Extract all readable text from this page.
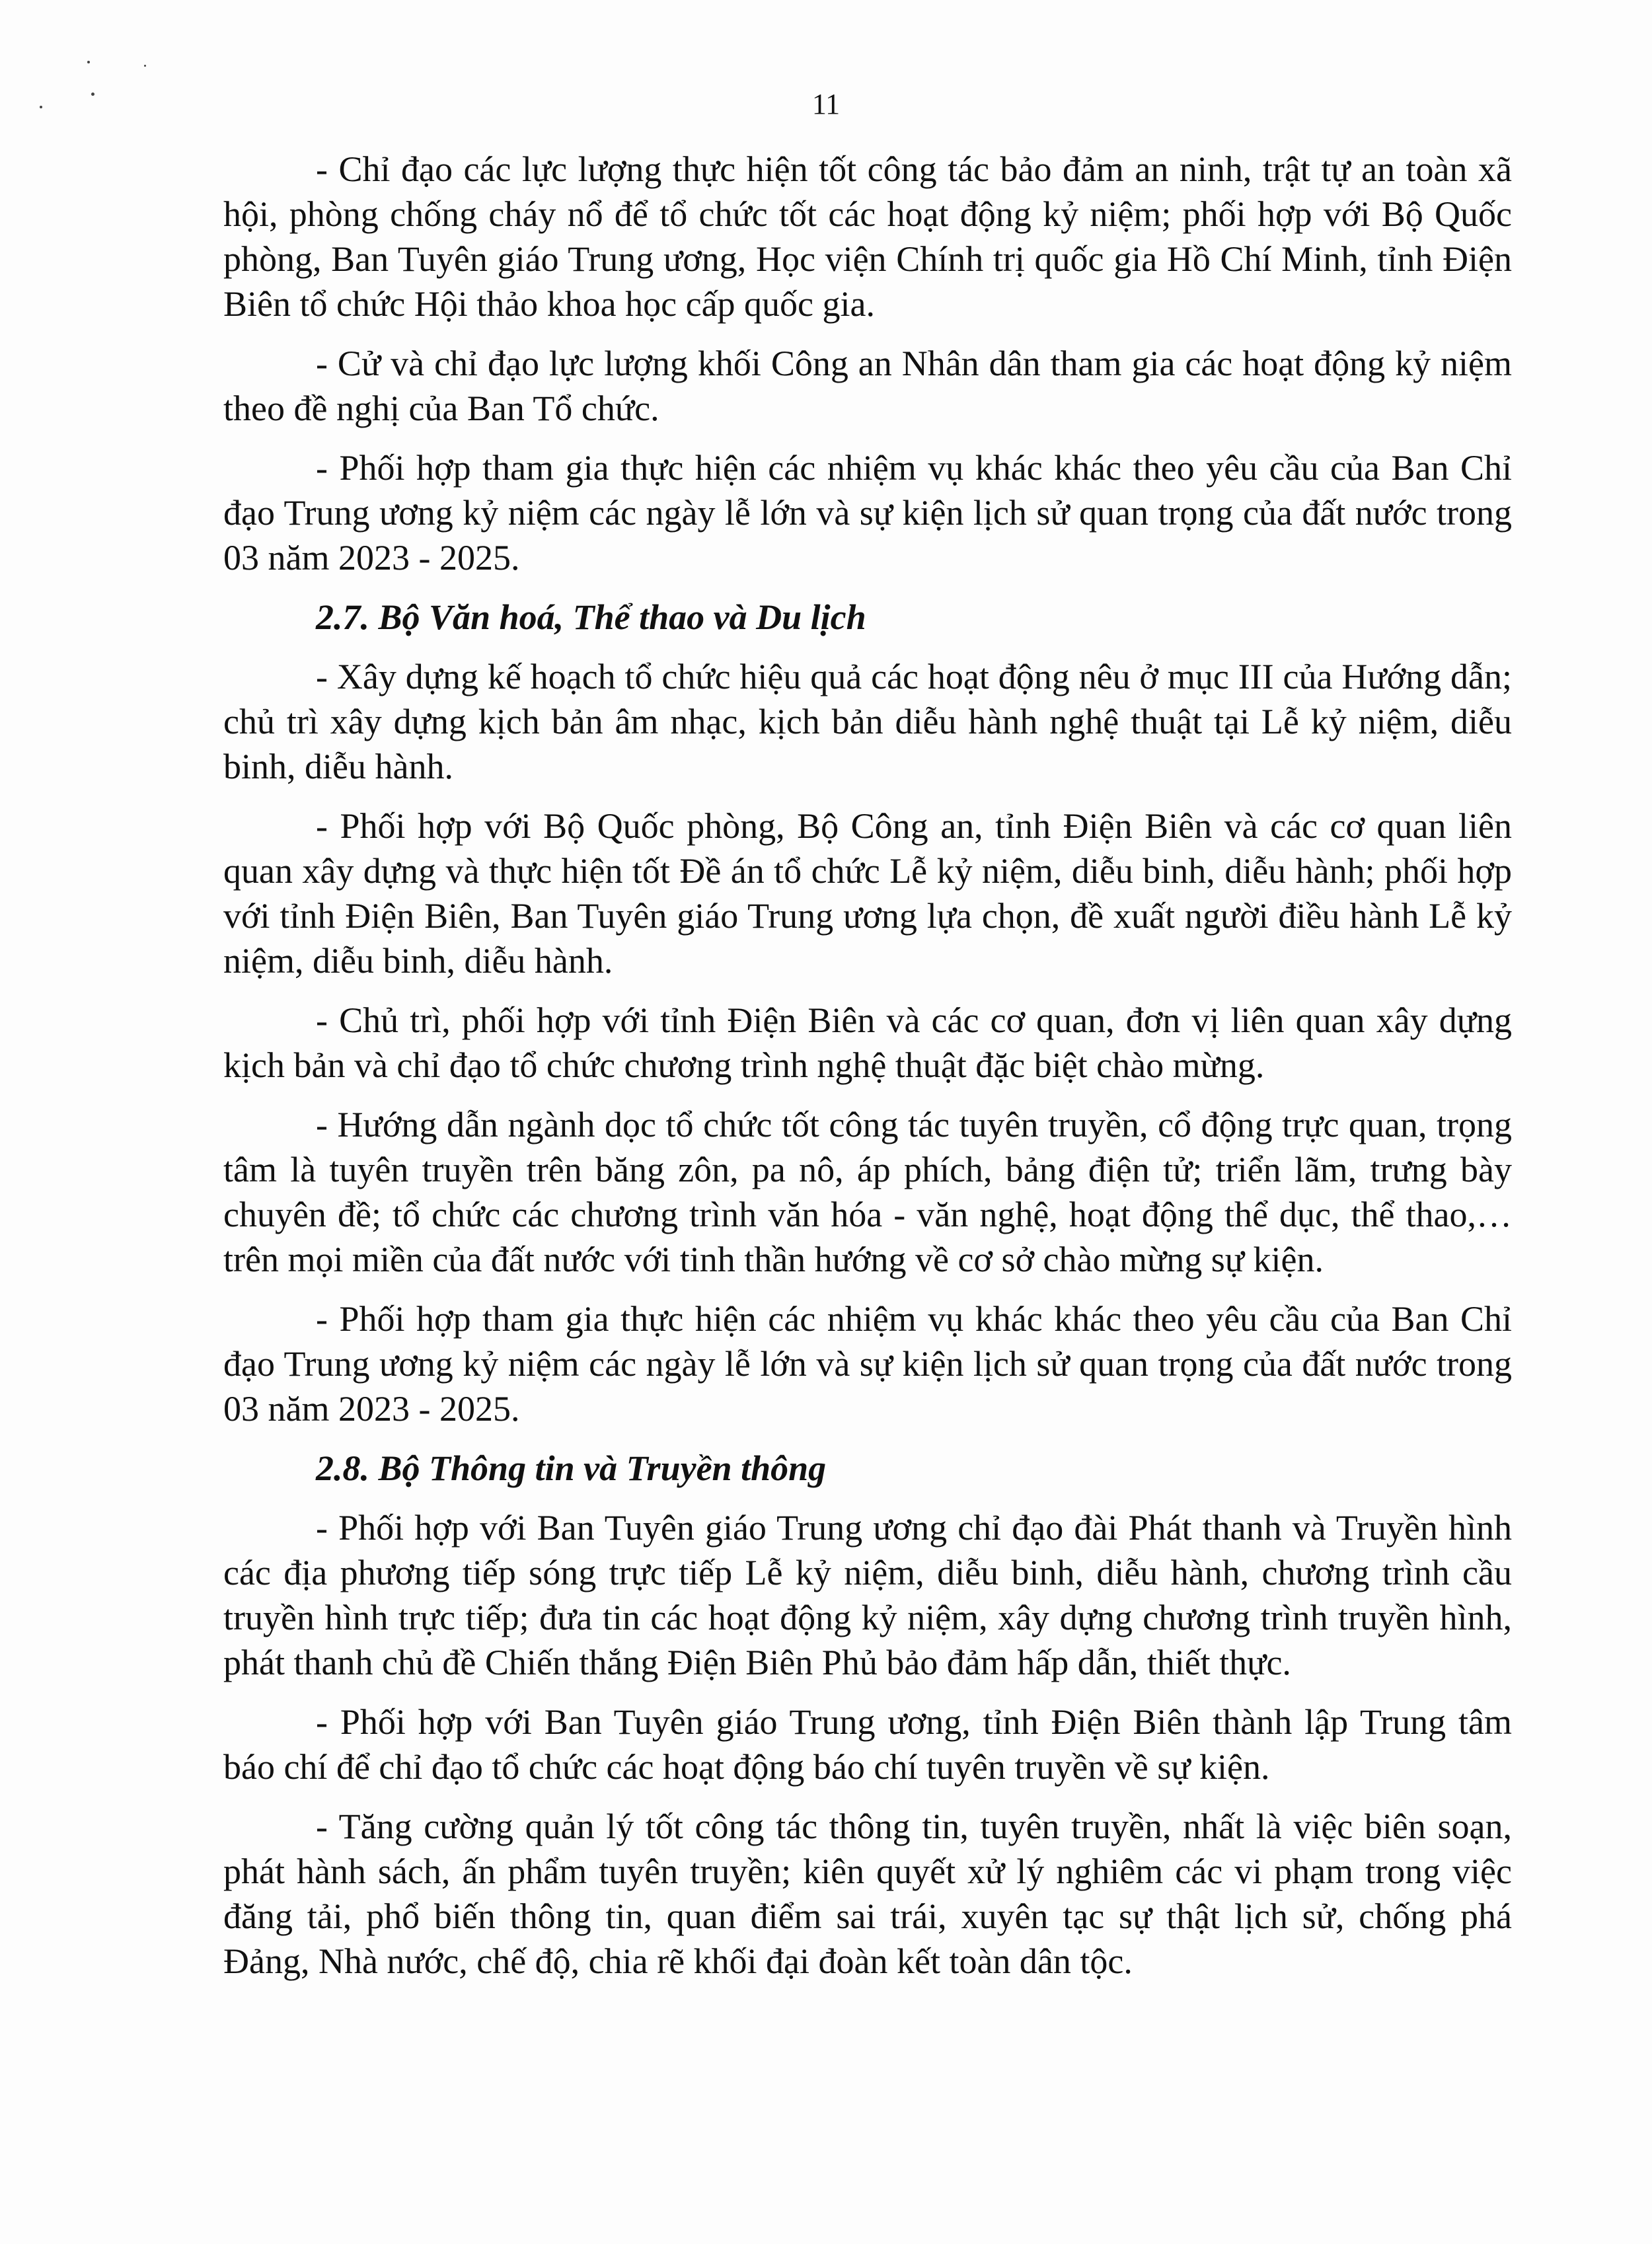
11

- Chỉ đạo các lực lượng thực hiện tốt công tác bảo đảm an ninh, trật tự an toàn xã hội, phòng chống cháy nổ để tổ chức tốt các hoạt động kỷ niệm; phối hợp với Bộ Quốc phòng, Ban Tuyên giáo Trung ương, Học viện Chính trị quốc gia Hồ Chí Minh, tỉnh Điện Biên tổ chức Hội thảo khoa học cấp quốc gia.

- Cử và chỉ đạo lực lượng khối Công an Nhân dân tham gia các hoạt động kỷ niệm theo đề nghị của Ban Tổ chức.

- Phối hợp tham gia thực hiện các nhiệm vụ khác khác theo yêu cầu của Ban Chỉ đạo Trung ương kỷ niệm các ngày lễ lớn và sự kiện lịch sử quan trọng của đất nước trong 03 năm 2023 - 2025.

2.7. Bộ Văn hoá, Thể thao và Du lịch

- Xây dựng kế hoạch tổ chức hiệu quả các hoạt động nêu ở mục III của Hướng dẫn; chủ trì xây dựng kịch bản âm nhạc, kịch bản diễu hành nghệ thuật tại Lễ kỷ niệm, diễu binh, diễu hành.

- Phối hợp với Bộ Quốc phòng, Bộ Công an, tỉnh Điện Biên và các cơ quan liên quan xây dựng và thực hiện tốt Đề án tổ chức Lễ kỷ niệm, diễu binh, diễu hành; phối hợp với tỉnh Điện Biên, Ban Tuyên giáo Trung ương lựa chọn, đề xuất người điều hành Lễ kỷ niệm, diễu binh, diễu hành.

- Chủ trì, phối hợp với tỉnh Điện Biên và các cơ quan, đơn vị liên quan xây dựng kịch bản và chỉ đạo tổ chức chương trình nghệ thuật đặc biệt chào mừng.

- Hướng dẫn ngành dọc tổ chức tốt công tác tuyên truyền, cổ động trực quan, trọng tâm là tuyên truyền trên băng zôn, pa nô, áp phích, bảng điện tử; triển lãm, trưng bày chuyên đề; tổ chức các chương trình văn hóa - văn nghệ, hoạt động thể dục, thể thao,… trên mọi miền của đất nước với tinh thần hướng về cơ sở chào mừng sự kiện.

- Phối hợp tham gia thực hiện các nhiệm vụ khác khác theo yêu cầu của Ban Chỉ đạo Trung ương kỷ niệm các ngày lễ lớn và sự kiện lịch sử quan trọng của đất nước trong 03 năm 2023 - 2025.

2.8. Bộ Thông tin và Truyền thông

- Phối hợp với Ban Tuyên giáo Trung ương chỉ đạo đài Phát thanh và Truyền hình các địa phương tiếp sóng trực tiếp Lễ kỷ niệm, diễu binh, diễu hành, chương trình cầu truyền hình trực tiếp; đưa tin các hoạt động kỷ niệm, xây dựng chương trình truyền hình, phát thanh chủ đề Chiến thắng Điện Biên Phủ bảo đảm hấp dẫn, thiết thực.

- Phối hợp với Ban Tuyên giáo Trung ương, tỉnh Điện Biên thành lập Trung tâm báo chí để chỉ đạo tổ chức các hoạt động báo chí tuyên truyền về sự kiện.

- Tăng cường quản lý tốt công tác thông tin, tuyên truyền, nhất là việc biên soạn, phát hành sách, ấn phẩm tuyên truyền; kiên quyết xử lý nghiêm các vi phạm trong việc đăng tải, phổ biến thông tin, quan điểm sai trái, xuyên tạc sự thật lịch sử, chống phá Đảng, Nhà nước, chế độ, chia rẽ khối đại đoàn kết toàn dân tộc.
